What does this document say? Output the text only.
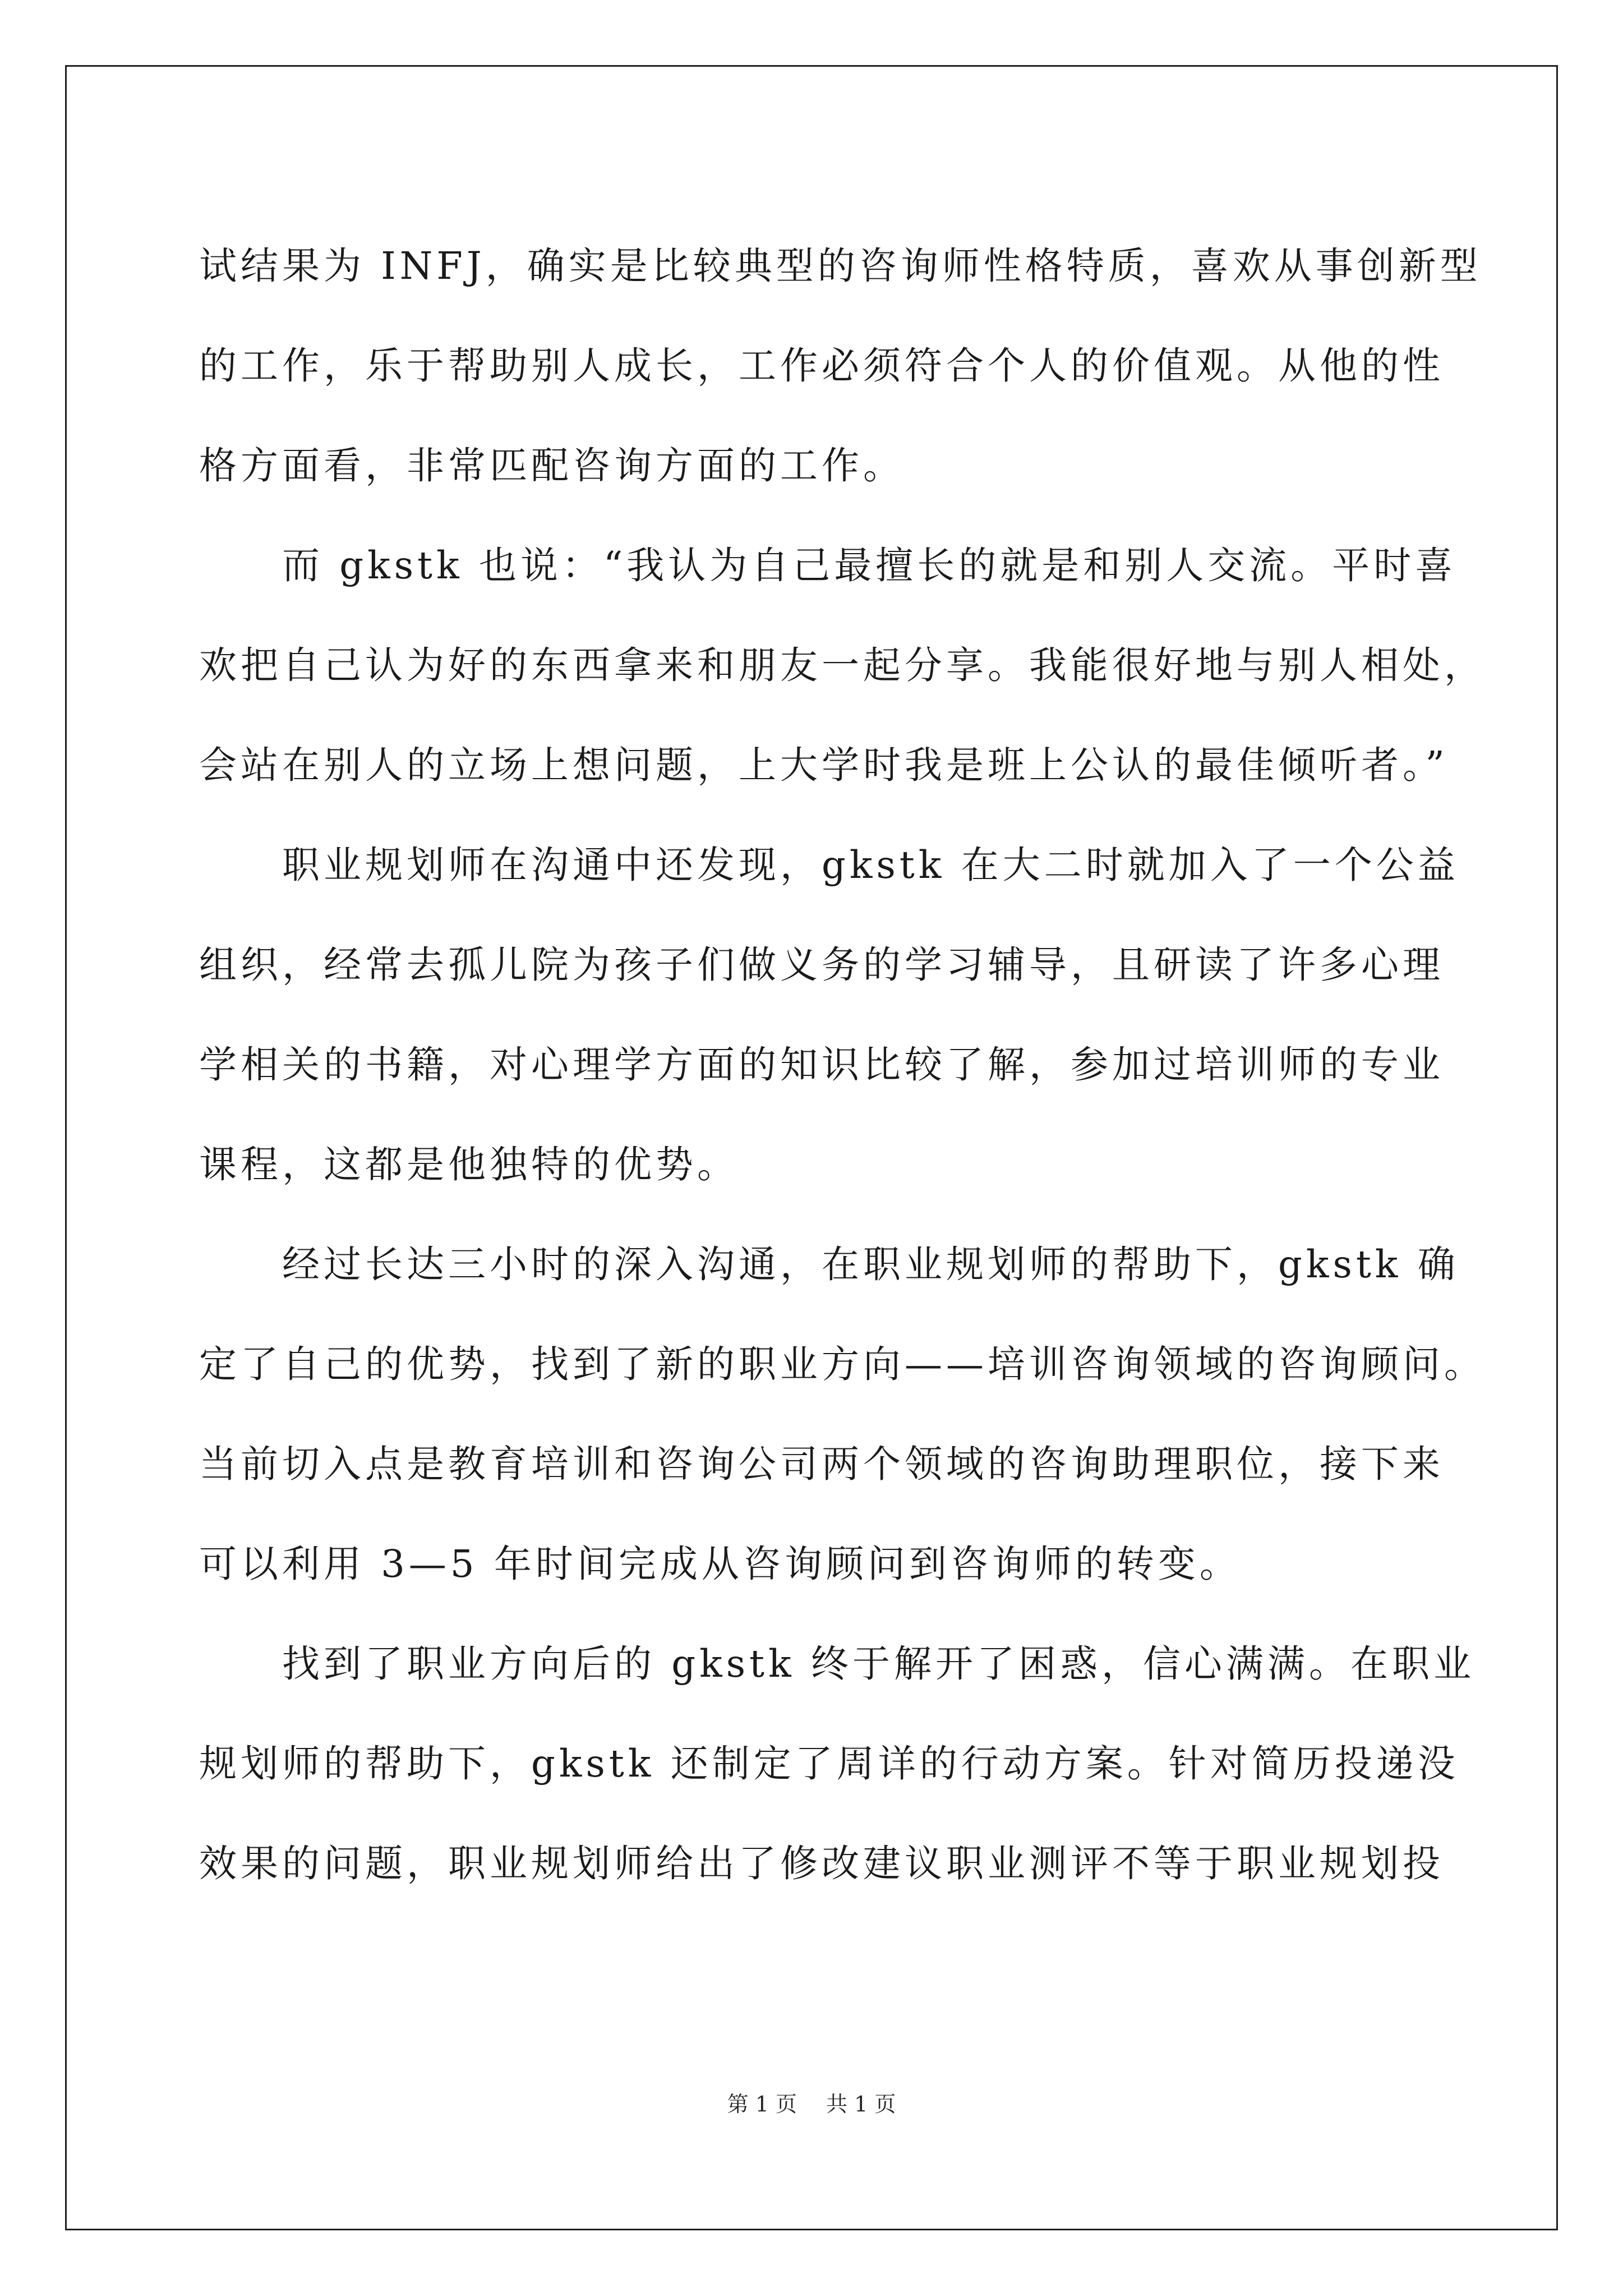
试结果为 INFJ，确实是比较典型的咨询师性格特质，喜欢从事创新型
的工作，乐于帮助别人成长，工作必须符合个人的价值观。从他的性
格方面看，非常匹配咨询方面的工作。
　　而 gkstk 也说：“我认为自己最擅长的就是和别人交流。平时喜
欢把自己认为好的东西拿来和朋友一起分享。我能很好地与别人相处，
会站在别人的立场上想问题，上大学时我是班上公认的最佳倾听者。”
　　职业规划师在沟通中还发现，gkstk 在大二时就加入了一个公益
组织，经常去孤儿院为孩子们做义务的学习辅导，且研读了许多心理
学相关的书籍，对心理学方面的知识比较了解，参加过培训师的专业
课程，这都是他独特的优势。
　　经过长达三小时的深入沟通，在职业规划师的帮助下，gkstk 确
定了自己的优势，找到了新的职业方向——培训咨询领域的咨询顾问。
当前切入点是教育培训和咨询公司两个领域的咨询助理职位，接下来
可以利用 3—5 年时间完成从咨询顾问到咨询师的转变。
　　找到了职业方向后的 gkstk 终于解开了困惑，信心满满。在职业
规划师的帮助下，gkstk 还制定了周详的行动方案。针对简历投递没
效果的问题，职业规划师给出了修改建议职业测评不等于职业规划投
第 1 页 共 1 页
